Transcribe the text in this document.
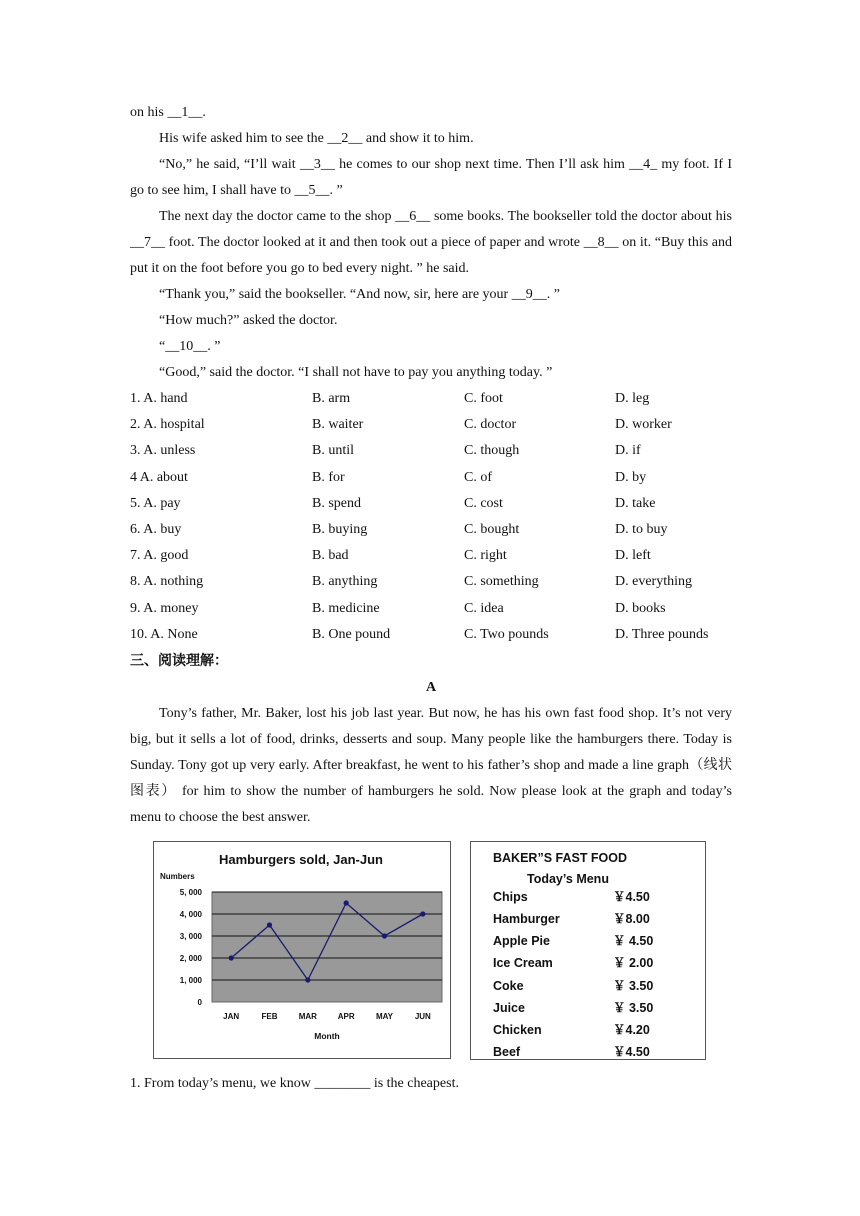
on his __1__.

His wife asked him to see the __2__ and show it to him.

“No,” he said, “I’ll wait __3__ he comes to our shop next time. Then I’ll ask him __4_ my foot. If I go to see him, I shall have to __5__. ”

The next day the doctor came to the shop __6__ some books. The bookseller told the doctor about his __7__ foot. The doctor looked at it and then took out a piece of paper and wrote __8__ on it. “Buy this and put it on the foot before you go to bed every night. ” he said.

“Thank you,” said the bookseller. “And now, sir, here are your __9__. ”

“How much?” asked the doctor.

“__10__. ”

“Good,” said the doctor. “I shall not have to pay you anything today. ”

1. A. hand	B. arm	C. foot	D. leg
2. A. hospital	B. waiter	C. doctor	D. worker
3. A. unless	B. until	C. though	D. if
4 A. about	B. for	C. of	D. by
5. A. pay	B. spend	C. cost	D. take
6. A. buy	B. buying	C. bought	D. to buy
7. A. good	B. bad	C. right	D. left
8. A. nothing	B. anything	C. something	D. everything
9. A. money	B. medicine	C. idea	D. books
10. A. None	B. One pound	C. Two pounds	D. Three pounds

三、阅读理解：

A

Tony’s father, Mr. Baker, lost his job last year. But now, he has his own fast food shop. It’s not very big, but it sells a lot of food, drinks, desserts and soup. Many people like the hamburgers there. Today is Sunday. Tony got up very early. After breakfast, he went to his father’s shop and made a line graph（线状图表） for him to show the number of hamburgers he sold. Now please look at the graph and today’s menu to choose the best answer.

Hamburgers sold, Jan-Jun
Numbers
0
1, 000
2, 000
3, 000
4, 000
5, 000
JAN	FEB	MAR	APR	MAY	JUN
Month
BAKER”S FAST FOOD
Today’s Menu
Chips	￥4.50
Hamburger	￥8.00
Apple Pie	￥ 4.50
Ice Cream	￥ 2.00
Coke	￥ 3.50
Juice	￥ 3.50
Chicken	￥4.20
Beef	￥4.50

1. From today’s menu, we know ________ is the cheapest.
